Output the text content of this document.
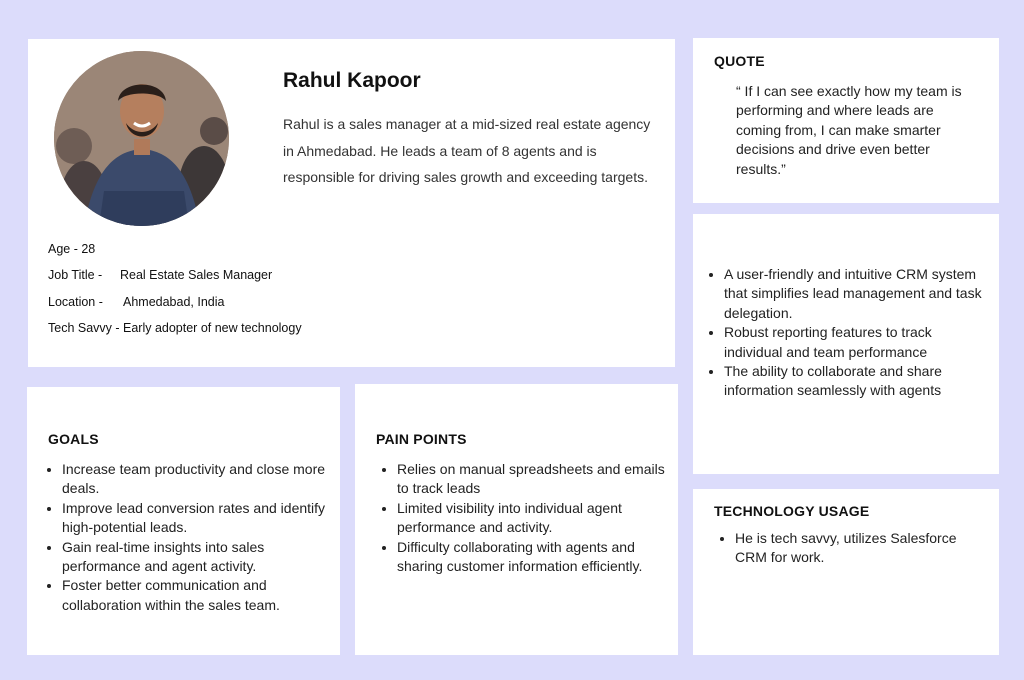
Rahul Kapoor

Rahul is a sales manager at a mid-sized real estate agency in Ahmedabad. He leads a team of 8 agents and is responsible for driving sales growth and exceeding targets.

Age - 28
Job Title -	Real Estate Sales Manager
Location -	Ahmedabad, India
Tech Savvy - Early adopter of new technology
QUOTE

“ If I can see exactly how my team is performing and where leads are coming from, I can make smarter decisions and drive even better results.”

• A user-friendly and intuitive CRM system that simplifies lead management and task delegation.
• Robust reporting features to track individual and team performance
• The ability to collaborate and share information seamlessly with agents
GOALS
• Increase team productivity and close more deals.
• Improve lead conversion rates and identify high-potential leads.
• Gain real-time insights into sales performance and agent activity.
• Foster better communication and collaboration within the sales team.
PAIN POINTS
• Relies on manual spreadsheets and emails to track leads
• Limited visibility into individual agent performance and activity.
• Difficulty collaborating with agents and sharing customer information efficiently.
TECHNOLOGY USAGE
• He is tech savvy, utilizes Salesforce CRM for work.
